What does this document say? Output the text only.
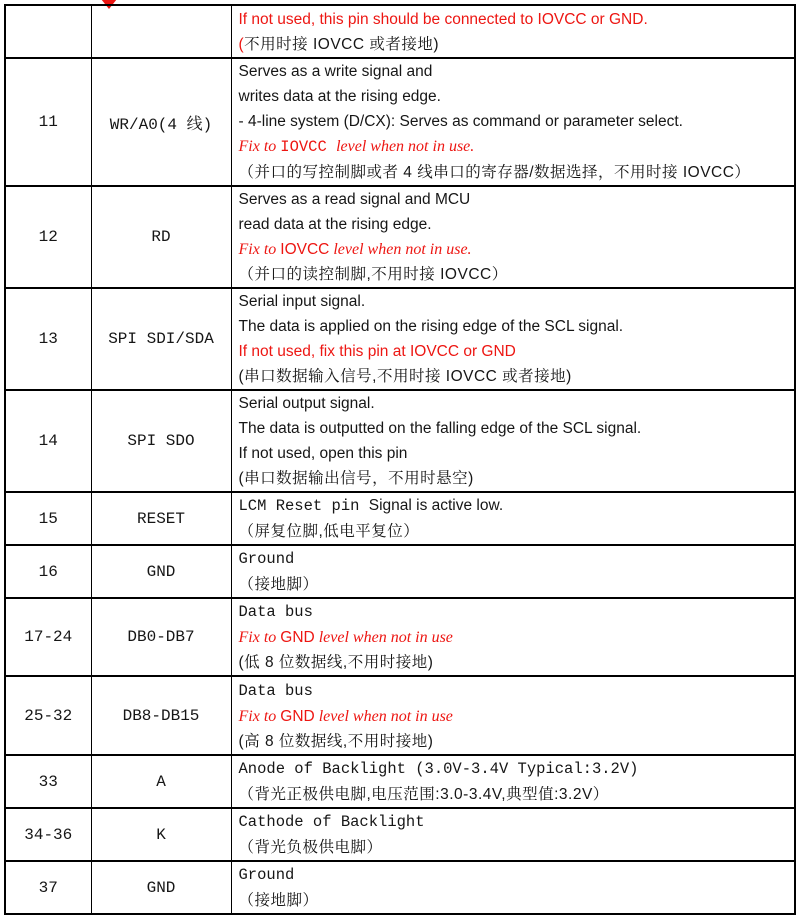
		If not used, this pin should be connected to IOVCC or GND.
(不用时接 IOVCC 或者接地)

11	WR/A0(4 线)	Serves as a write signal and
writes data at the rising edge.
- 4-line system (D/CX): Serves as command or parameter select.
Fix to IOVCC level when not in use.
（并口的写控制脚或者 4 线串口的寄存器/数据选择，不用时接 IOVCC）

12	RD	Serves as a read signal and MCU
read data at the rising edge.
Fix to IOVCC level when not in use.
（并口的读控制脚,不用时接 IOVCC）

13	SPI SDI/SDA	Serial input signal.
The data is applied on the rising edge of the SCL signal.
If not used, fix this pin at IOVCC or GND
(串口数据输入信号,不用时接 IOVCC 或者接地)

14	SPI SDO	Serial output signal.
The data is outputted on the falling edge of the SCL signal.
If not used, open this pin
(串口数据输出信号，不用时悬空)

15	RESET	LCM Reset pin Signal is active low.
（屏复位脚,低电平复位）

16	GND	Ground
（接地脚）

17-24	DB0-DB7	Data bus
Fix to GND level when not in use
(低 8 位数据线,不用时接地)

25-32	DB8-DB15	Data bus
Fix to GND level when not in use
(高 8 位数据线,不用时接地)

33	A	Anode of Backlight (3.0V-3.4V Typical:3.2V)
（背光正极供电脚,电压范围:3.0-3.4V,典型值:3.2V）

34-36	K	Cathode of Backlight
（背光负极供电脚）

37	GND	Ground
（接地脚）
